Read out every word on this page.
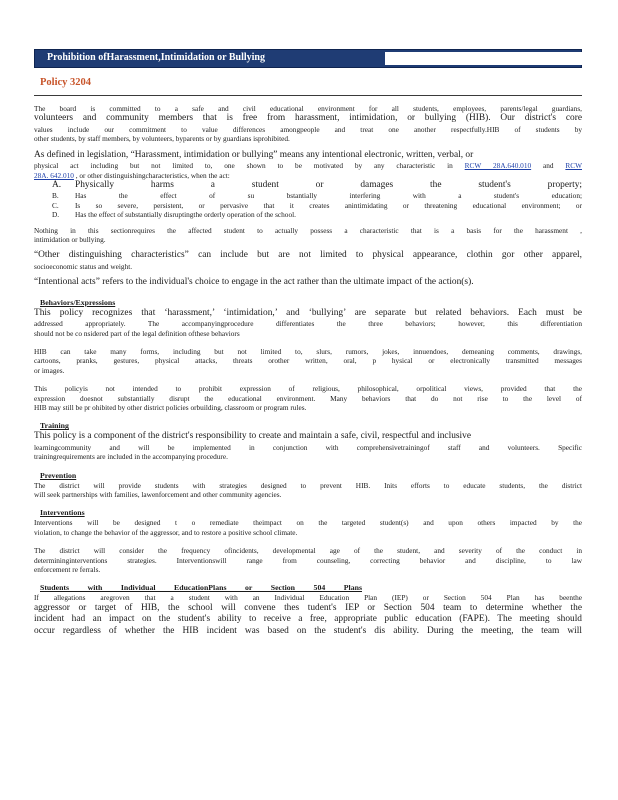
Prohibition ofHarassment,Intimidation or Bullying
Policy 3204
The board is committed to a safe and civil educational environment for all students, employees, parents/legal guardians,
volunteers and community members that is free from harassment, intimidation, or bullying (HIB). Our district's core
values include our commitment to value differences amongpeople and treat one another respectfully.HIB of students by
other students, by staff members, by volunteers, byparents or by guardians isprohibited.
As defined in legislation, “Harassment, intimidation or bullying” means any intentional electronic, written, verbal, or
physical act including but not limited to, one shown to be motivated by any characteristic in RCW 28A.640.010 and RCW
28A. 642.010 , or other distinguishingcharacteristics, when the act:
A.	Physically harms a student or damages the student's property;
B.	Has the effect of su bstantially interfering with a student's education;
C.	Is so severe, persistent, or pervasive that it creates anintimidating or threatening educational environment; or
D.	Has the effect of substantially disruptingthe orderly operation of the school.
Nothing in this sectionrequires the affected student to actually possess a characteristic that is a basis for the harassment ,
intimidation or bullying.
“Other distinguishing characteristics” can include but are not limited to physical appearance, clothin gor other apparel,
socioeconomic status and weight.
“Intentional acts” refers to the individual's choice to engage in the act rather than the ultimate impact of the action(s).
Behaviors/Expressions
This policy recognizes that ‘harassment,’ ‘intimidation,’ and ‘bullying’ are separate but related behaviors. Each must be
addressed appropriately. The accompanyingprocedure differentiates the three behaviors; however, this differentiation
should not be co nsidered part of the legal definition ofthese behaviors
HIB can take many forms, including but not limited to, slurs, rumors, jokes, innuendoes, demeaning comments, drawings,
cartoons, pranks, gestures, physical attacks, threats orother written, oral, p hysical or electronically transmitted messages
or images.
This policyis not intended to prohibit expression of religious, philosophical, orpolitical views, provided that the
expression doesnot substantially disrupt the educational environment. Many behaviors that do not rise to the level of
HIB may still be pr ohibited by other district policies orbuilding, classroom or program rules.
Training
This policy is a component of the district's responsibility to create and maintain a safe, civil, respectful and inclusive
learningcommunity and will be implemented in conjunction with comprehensivetrainingof staff and volunteers. Specific
trainingrequirements are included in the accompanying procedure.
Prevention
The district will provide students with strategies designed to prevent HIB. Inits efforts to educate students, the district
will seek partnerships with families, lawenforcement and other community agencies.
Interventions
Interventions will be designed t o remediate theimpact on the targeted student(s) and upon others impacted by the
violation, to change the behavior of the aggressor, and to restore a positive school climate.
The district will consider the frequency ofincidents, developmental age of the student, and severity of the conduct in
determininginterventions strategies. Interventionswill range from counseling, correcting behavior and discipline, to law
enforcement re ferrals.
Students with Individual EducationPlans or Section 504 Plans
If allegations aregroven that a student with an Individual Education Plan (IEP) or Section 504 Plan has beenthe
aggressor or target of HIB, the school will convene thes tudent's IEP or Section 504 team to determine whether the
incident had an impact on the student's ability to receive a free, appropriate public education (FAPE). The meeting should
occur regardless of whether the HIB incident was based on the student's dis ability. During the meeting, the team will
